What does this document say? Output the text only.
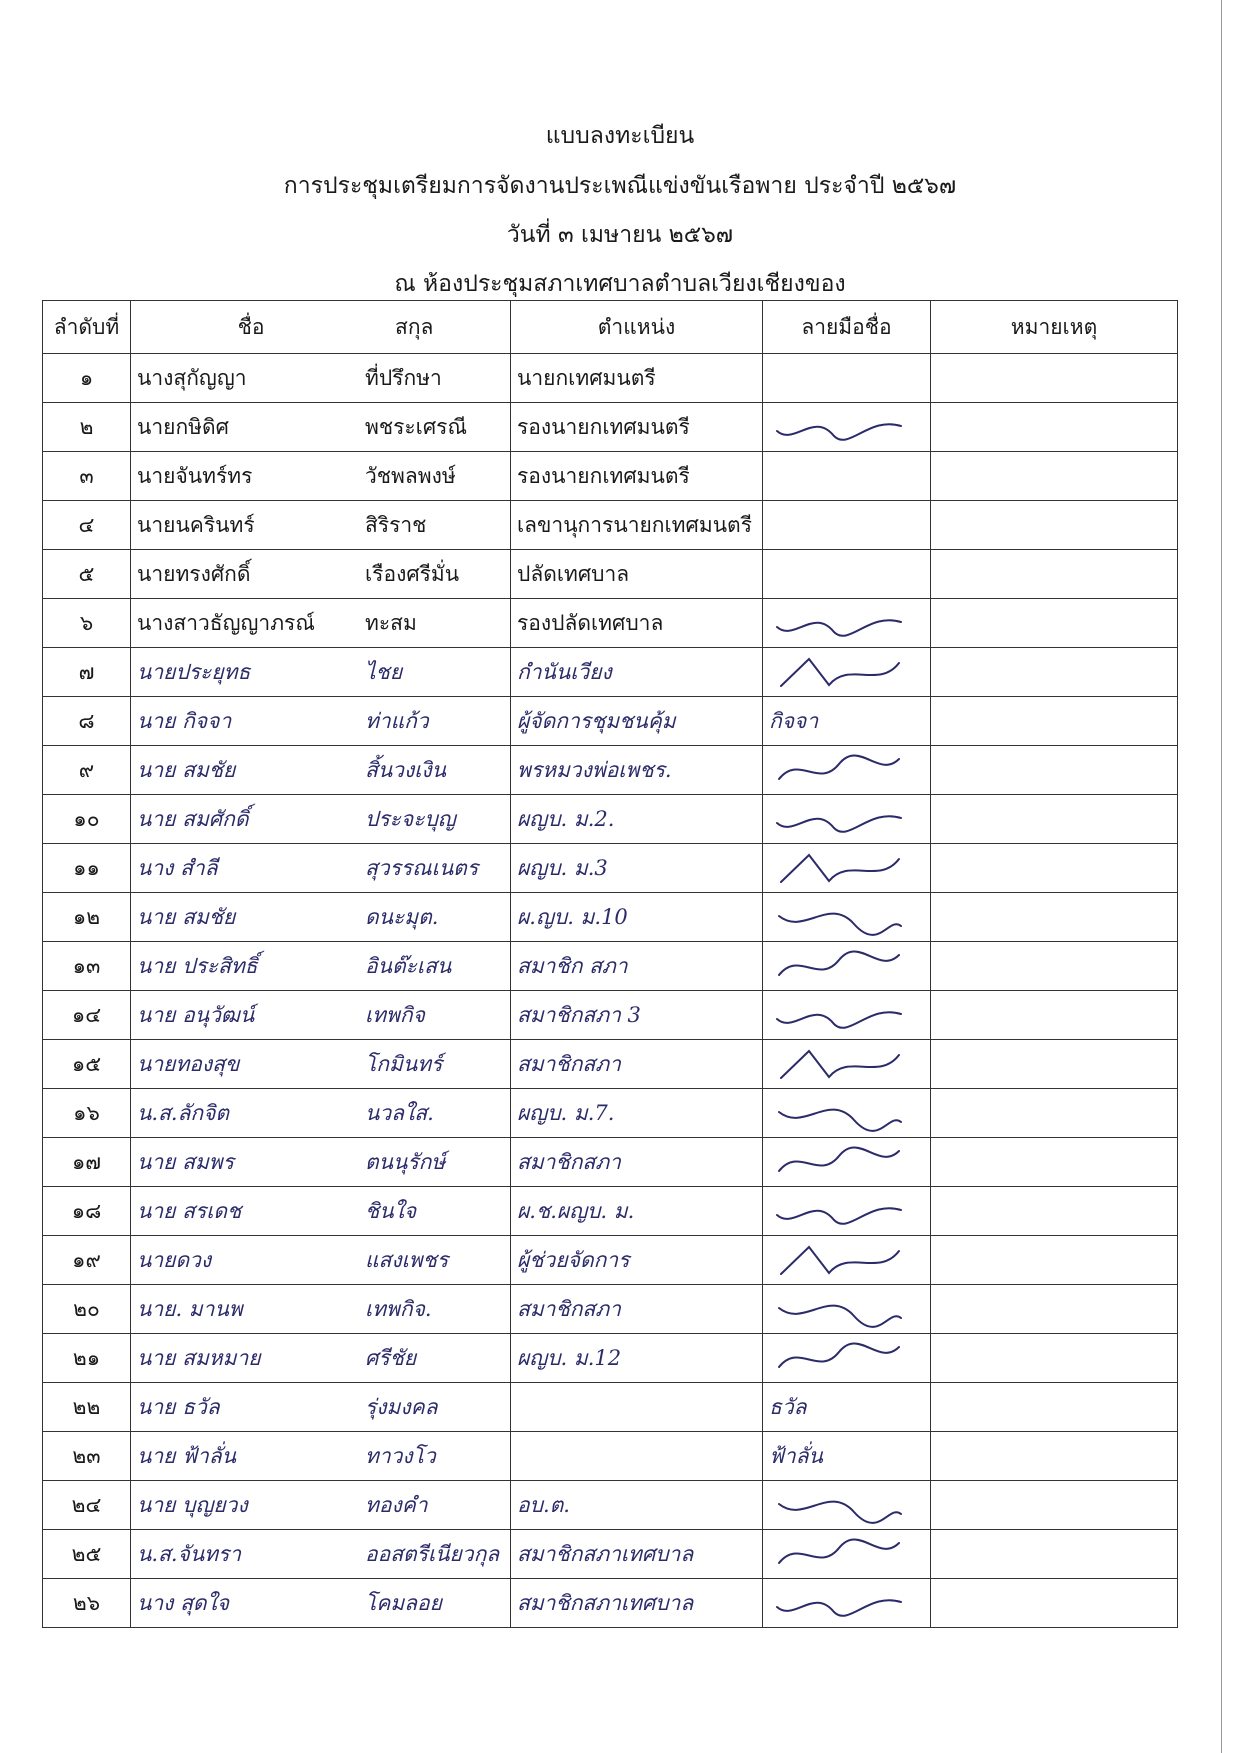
แบบลงทะเบียน
การประชุมเตรียมการจัดงานประเพณีแข่งขันเรือพาย ประจำปี ๒๕๖๗
วันที่ ๓ เมษายน ๒๕๖๗
ณ ห้องประชุมสภาเทศบาลตำบลเวียงเชียงของ
ลำดับที่	ชื่อ สกุล	ตำแหน่ง	ลายมือชื่อ	หมายเหตุ
๑	นางสุกัญญา ที่ปรึกษา	นายกเทศมนตรี		
๒	นายกษิดิศ พชระเศรณี	รองนายกเทศมนตรี	

๓	นายจันทร์ทร วัชพลพงษ์	รองนายกเทศมนตรี		
๔	นายนครินทร์ สิริราช	เลขานุการนายกเทศมนตรี		
๕	นายทรงศักดิ์ เรืองศรีมั่น	ปลัดเทศบาล		
๖	นางสาวธัญญาภรณ์ ทะสม	รองปลัดเทศบาล	

๗	นายประยุทธ ไชย	กำนันเวียง	

๘	นาย กิจจา ท่าแก้ว	ผู้จัดการชุมชนคุ้ม	กิจจา	
๙	นาย สมชัย สิ้นวงเงิน	พรหมวงพ่อเพชร.	

๑๐	นาย สมศักดิ์ ประจะบุญ	ผญบ. ม.2.	

๑๑	นาง สำลี สุวรรณเนตร	ผญบ. ม.3	

๑๒	นาย สมชัย ดนะมุต.	ผ.ญบ. ม.10	

๑๓	นาย ประสิทธิ์ อินต๊ะเสน	สมาชิก สภา	

๑๔	นาย อนุวัฒน์ เทพกิจ	สมาชิกสภา 3	

๑๕	นายทองสุข โกมินทร์	สมาชิกสภา	

๑๖	น.ส.ลักจิต นวลใส.	ผญบ. ม.7.	

๑๗	นาย สมพร ตนนุรักษ์	สมาชิกสภา	

๑๘	นาย สรเดช ชินใจ	ผ.ช.ผญบ. ม.	

๑๙	นายดวง แสงเพชร	ผู้ช่วยจัดการ	

๒๐	นาย. มานพ เทพกิจ.	สมาชิกสภา	

๒๑	นาย สมหมาย ศรีชัย	ผญบ. ม.12	

๒๒	นาย ธวัล รุ่งมงคล		ธวัล	
๒๓	นาย ฟ้าลั่น ทาวงโว		ฟ้าลั่น	
๒๔	นาย บุญยวง ทองคำ	อบ.ต.	

๒๕	น.ส.จันทรา ออสตรีเนียวกุล	สมาชิกสภาเทศบาล	

๒๖	นาง สุดใจ โคมลอย	สมาชิกสภาเทศบาล	
